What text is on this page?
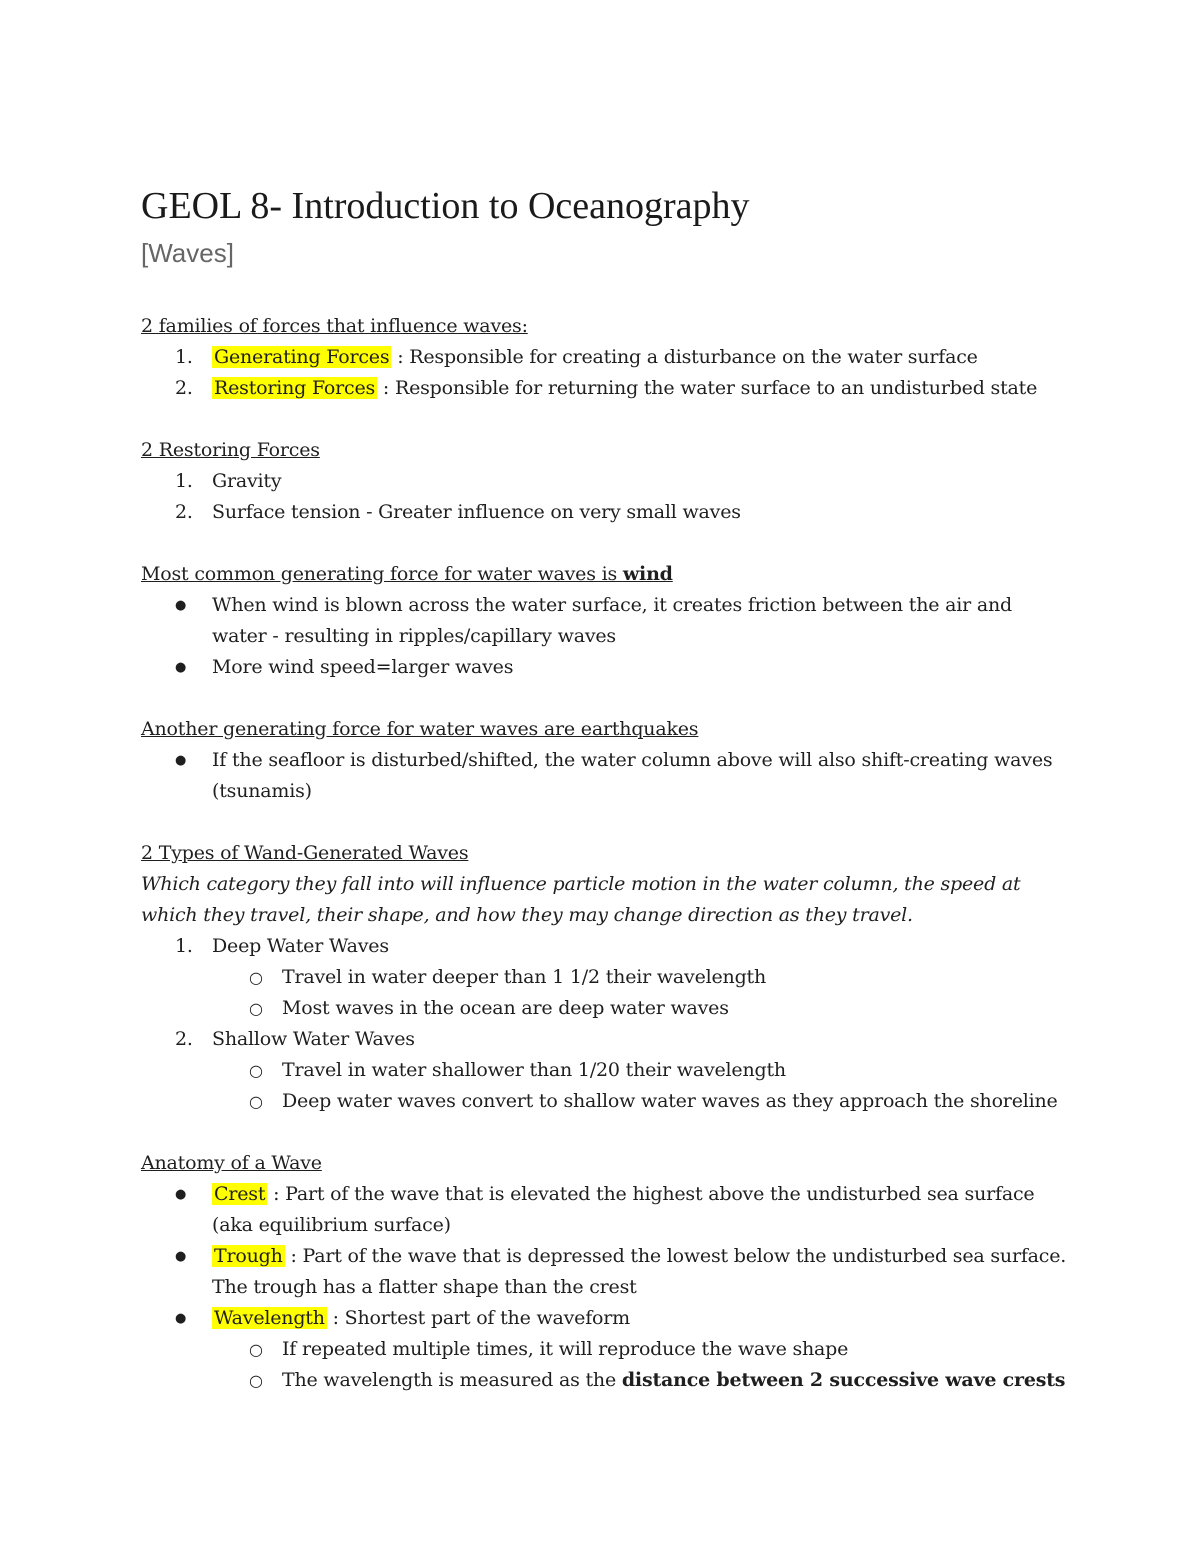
GEOL 8- Introduction to Oceanography
[Waves]
2 families of forces that influence waves:
1. Generating Forces : Responsible for creating a disturbance on the water surface
2. Restoring Forces : Responsible for returning the water surface to an undisturbed state
2 Restoring Forces
1. Gravity
2. Surface tension - Greater influence on very small waves
Most common generating force for water waves is wind
● When wind is blown across the water surface, it creates friction between the air and water - resulting in ripples/capillary waves
● More wind speed=larger waves
Another generating force for water waves are earthquakes
● If the seafloor is disturbed/shifted, the water column above will also shift-creating waves (tsunamis)
2 Types of Wand-Generated Waves
Which category they fall into will influence particle motion in the water column, the speed at which they travel, their shape, and how they may change direction as they travel.
1. Deep Water Waves
○ Travel in water deeper than 1 1/2 their wavelength
○ Most waves in the ocean are deep water waves
2. Shallow Water Waves
○ Travel in water shallower than 1/20 their wavelength
○ Deep water waves convert to shallow water waves as they approach the shoreline
Anatomy of a Wave
● Crest : Part of the wave that is elevated the highest above the undisturbed sea surface (aka equilibrium surface)
● Trough : Part of the wave that is depressed the lowest below the undisturbed sea surface. The trough has a flatter shape than the crest
● Wavelength : Shortest part of the waveform
○ If repeated multiple times, it will reproduce the wave shape
○ The wavelength is measured as the distance between 2 successive wave crests
